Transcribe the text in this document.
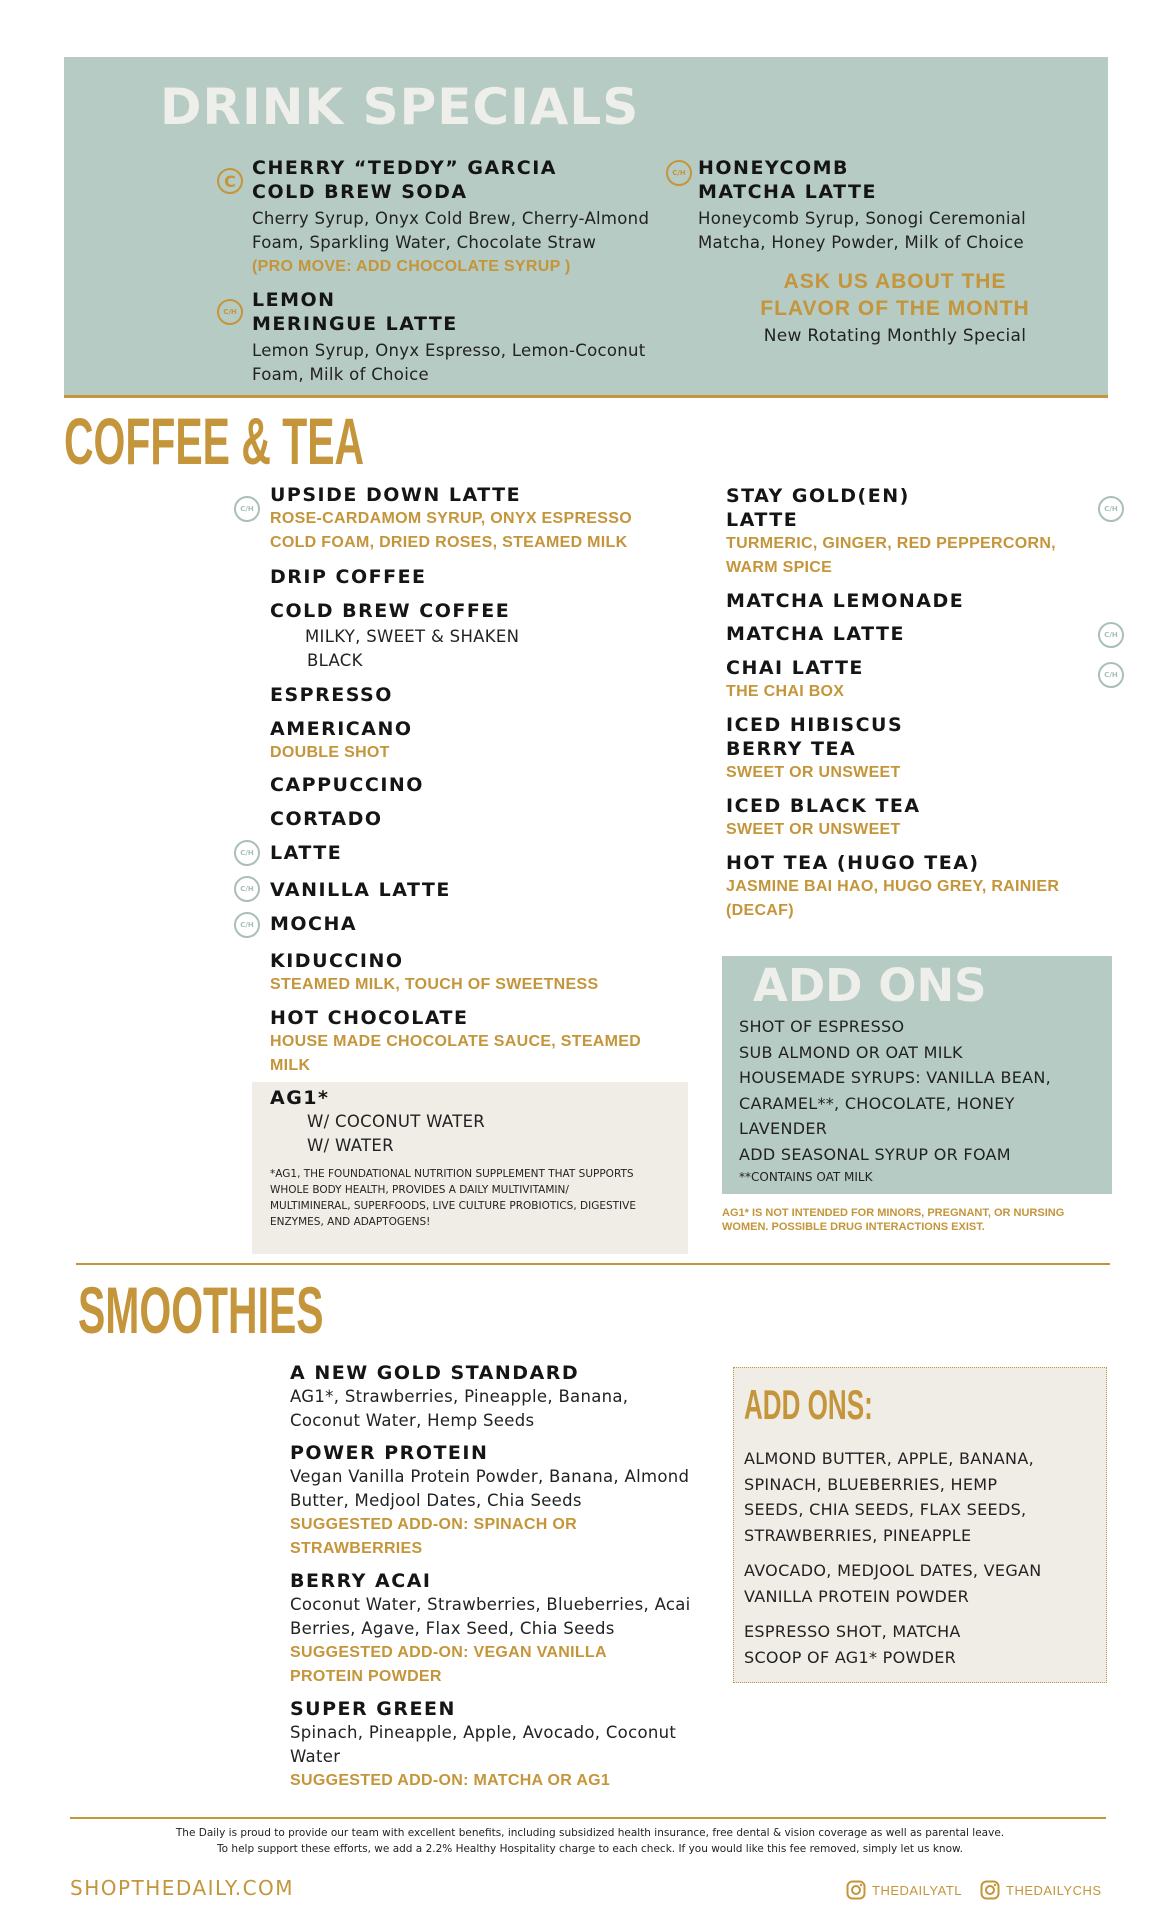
DRINK SPECIALS
C
CHERRY “TEDDY” GARCIA
COLD BREW SODA
Cherry Syrup, Onyx Cold Brew, Cherry-Almond
Foam, Sparkling Water, Chocolate Straw
(PRO MOVE: ADD CHOCOLATE SYRUP )
C/H
LEMON
MERINGUE LATTE
Lemon Syrup, Onyx Espresso, Lemon-Coconut
Foam, Milk of Choice
C/H HONEYCOMB
MATCHA LATTE
Honeycomb Syrup, Sonogi Ceremonial
Matcha, Honey Powder, Milk of Choice
ASK US ABOUT THE
FLAVOR OF THE MONTH
New Rotating Monthly Special
COFFEE & TEA
C/H
C/H
C/H
C/H
UPSIDE DOWN LATTE
ROSE-CARDAMOM SYRUP, ONYX ESPRESSO
COLD FOAM, DRIED ROSES, STEAMED MILK
DRIP COFFEE
COLD BREW COFFEE
MILKY, SWEET & SHAKEN
BLACK
ESPRESSO
AMERICANO
DOUBLE SHOT
CAPPUCCINO
CORTADO
LATTE
VANILLA LATTE
MOCHA
KIDUCCINO
STEAMED MILK, TOUCH OF SWEETNESS
HOT CHOCOLATE
HOUSE MADE CHOCOLATE SAUCE, STEAMED
MILK
AG1*
W/ COCONUT WATER
W/ WATER
*AG1, THE FOUNDATIONAL NUTRITION SUPPLEMENT THAT SUPPORTS
WHOLE BODY HEALTH, PROVIDES A DAILY MULTIVITAMIN/
MULTIMINERAL, SUPERFOODS, LIVE CULTURE PROBIOTICS, DIGESTIVE
ENZYMES, AND ADAPTOGENS!
C/H
C/H
C/H
STAY GOLD(EN)
LATTE
TURMERIC, GINGER, RED PEPPERCORN,
WARM SPICE
MATCHA LEMONADE
MATCHA LATTE
CHAI LATTE
THE CHAI BOX
ICED HIBISCUS
BERRY TEA
SWEET OR UNSWEET
ICED BLACK TEA
SWEET OR UNSWEET
HOT TEA (HUGO TEA)
JASMINE BAI HAO, HUGO GREY, RAINIER
(DECAF)
ADD ONS
SHOT OF ESPRESSO
SUB ALMOND OR OAT MILK
HOUSEMADE SYRUPS: VANILLA BEAN,
CARAMEL**, CHOCOLATE, HONEY
LAVENDER
ADD SEASONAL SYRUP OR FOAM
**CONTAINS OAT MILK
AG1* IS NOT INTENDED FOR MINORS, PREGNANT, OR NURSING
WOMEN. POSSIBLE DRUG INTERACTIONS EXIST.
SMOOTHIES
A NEW GOLD STANDARD
AG1*, Strawberries, Pineapple, Banana,
Coconut Water, Hemp Seeds
POWER PROTEIN
Vegan Vanilla Protein Powder, Banana, Almond
Butter, Medjool Dates, Chia Seeds
SUGGESTED ADD-ON: SPINACH OR
STRAWBERRIES
BERRY ACAI
Coconut Water, Strawberries, Blueberries, Acai
Berries, Agave, Flax Seed, Chia Seeds
SUGGESTED ADD-ON: VEGAN VANILLA
PROTEIN POWDER
SUPER GREEN
Spinach, Pineapple, Apple, Avocado, Coconut
Water
SUGGESTED ADD-ON: MATCHA OR AG1
ADD ONS:
ALMOND BUTTER, APPLE, BANANA,
SPINACH, BLUEBERRIES, HEMP
SEEDS, CHIA SEEDS, FLAX SEEDS,
STRAWBERRIES, PINEAPPLE
AVOCADO, MEDJOOL DATES, VEGAN
VANILLA PROTEIN POWDER
ESPRESSO SHOT, MATCHA
SCOOP OF AG1* POWDER
The Daily is proud to provide our team with excellent benefits, including subsidized health insurance, free dental & vision coverage as well as parental leave.
To help support these efforts, we add a 2.2% Healthy Hospitality charge to each check. If you would like this fee removed, simply let us know.
SHOPTHEDAILY.COM	THEDAILYATL	THEDAILYCHS
